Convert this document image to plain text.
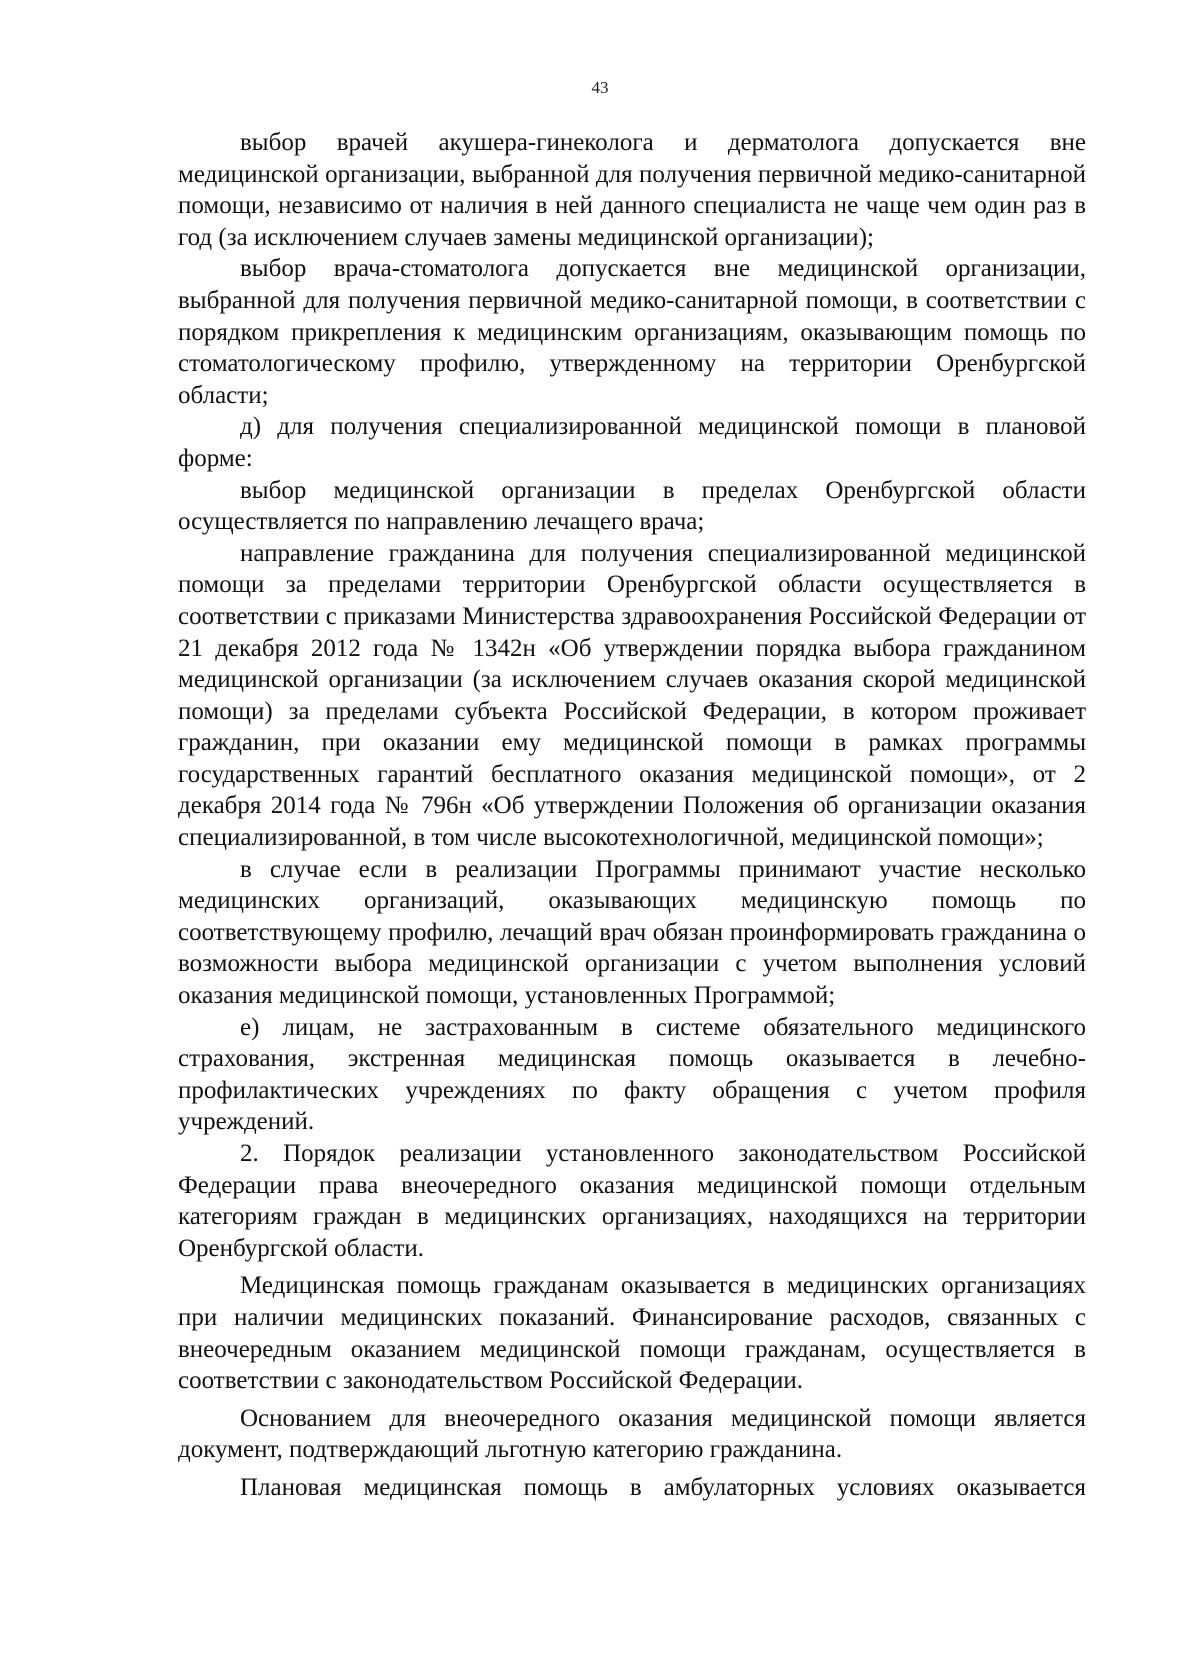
43

выбор врачей акушера-гинеколога и дерматолога допускается вне медицинской организации, выбранной для получения первичной медико-санитарной помощи, независимо от наличия в ней данного специалиста не чаще чем один раз в год (за исключением случаев замены медицинской организации);

выбор врача-стоматолога допускается вне медицинской организации, выбранной для получения первичной медико-санитарной помощи, в соответствии с порядком прикрепления к медицинским организациям, оказывающим помощь по стоматологическому профилю, утвержденному на территории Оренбургской области;

д) для получения специализированной медицинской помощи в плановой форме:

выбор медицинской организации в пределах Оренбургской области осуществляется по направлению лечащего врача;

направление гражданина для получения специализированной медицинской помощи за пределами территории Оренбургской области осуществляется в соответствии с приказами Министерства здравоохранения Российской Федерации от 21 декабря 2012 года № 1342н «Об утверждении порядка выбора гражданином медицинской организации (за исключением случаев оказания скорой медицинской помощи) за пределами субъекта Российской Федерации, в котором проживает гражданин, при оказании ему медицинской помощи в рамках программы государственных гарантий бесплатного оказания медицинской помощи», от 2 декабря 2014 года № 796н «Об утверждении Положения об организации оказания специализированной, в том числе высокотехнологичной, медицинской помощи»;

в случае если в реализации Программы принимают участие несколько медицинских организаций, оказывающих медицинскую помощь по соответствующему профилю, лечащий врач обязан проинформировать гражданина о возможности выбора медицинской организации с учетом выполнения условий оказания медицинской помощи, установленных Программой;

е) лицам, не застрахованным в системе обязательного медицинского страхования, экстренная медицинская помощь оказывается в лечебно-профилактических учреждениях по факту обращения с учетом профиля учреждений.

2. Порядок реализации установленного законодательством Российской Федерации права внеочередного оказания медицинской помощи отдельным категориям граждан в медицинских организациях, находящихся на территории Оренбургской области.

Медицинская помощь гражданам оказывается в медицинских организациях при наличии медицинских показаний. Финансирование расходов, связанных с внеочередным оказанием медицинской помощи гражданам, осуществляется в соответствии с законодательством Российской Федерации.

Основанием для внеочередного оказания медицинской помощи является документ, подтверждающий льготную категорию гражданина.

Плановая медицинская помощь в амбулаторных условиях оказывается
